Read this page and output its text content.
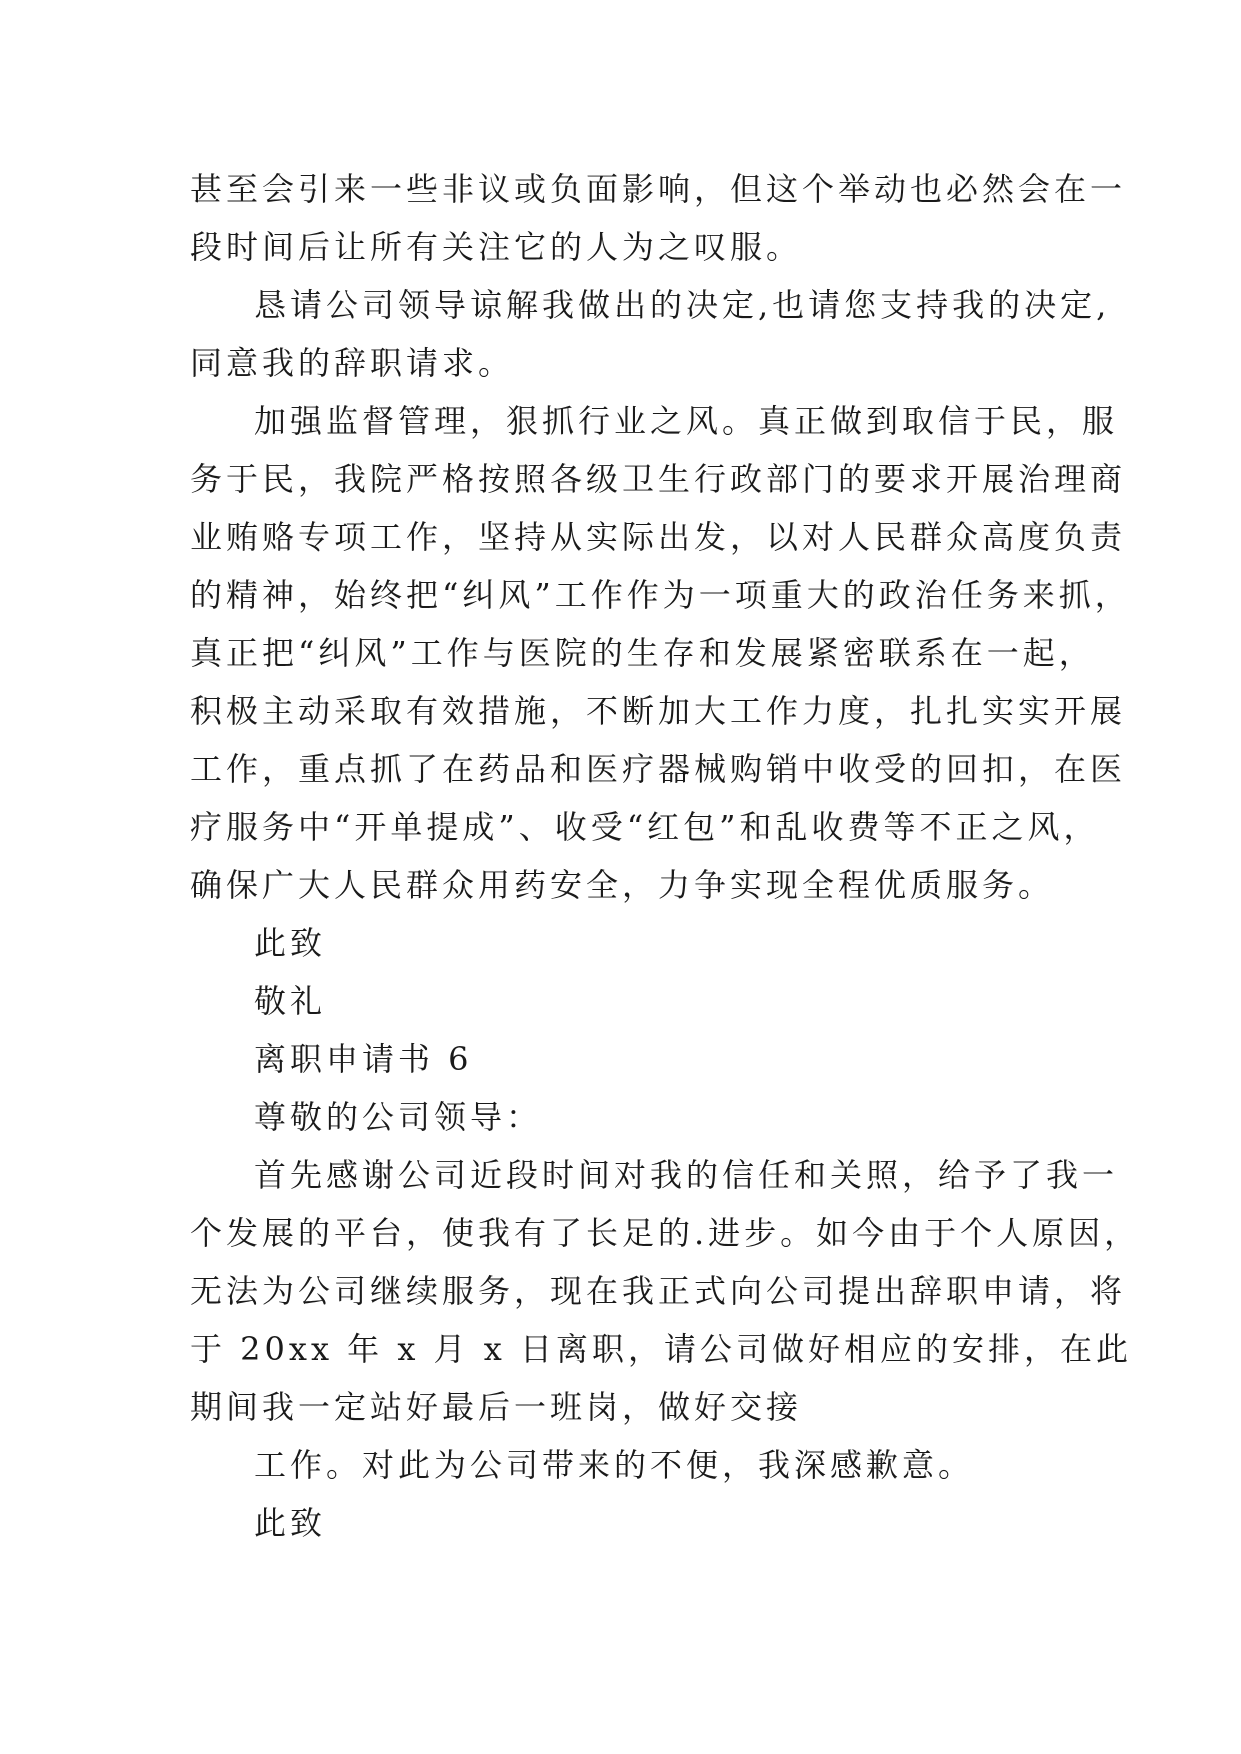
甚至会引来一些非议或负面影响，但这个举动也必然会在一
段时间后让所有关注它的人为之叹服。
恳请公司领导谅解我做出的决定,也请您支持我的决定,
同意我的辞职请求。
加强监督管理，狠抓行业之风。真正做到取信于民，服
务于民，我院严格按照各级卫生行政部门的要求开展治理商
业贿赂专项工作，坚持从实际出发，以对人民群众高度负责
的精神，始终把“纠风”工作作为一项重大的政治任务来抓，
真正把“纠风”工作与医院的生存和发展紧密联系在一起，
积极主动采取有效措施，不断加大工作力度，扎扎实实开展
工作，重点抓了在药品和医疗器械购销中收受的回扣，在医
疗服务中“开单提成”、收受“红包”和乱收费等不正之风，
确保广大人民群众用药安全，力争实现全程优质服务。
此致
敬礼
离职申请书 6
尊敬的公司领导：
首先感谢公司近段时间对我的信任和关照，给予了我一
个发展的平台，使我有了长足的.进步。如今由于个人原因，
无法为公司继续服务，现在我正式向公司提出辞职申请，将
于 20xx 年 x 月 x 日离职，请公司做好相应的安排，在此
期间我一定站好最后一班岗，做好交接
工作。对此为公司带来的不便，我深感歉意。
此致
